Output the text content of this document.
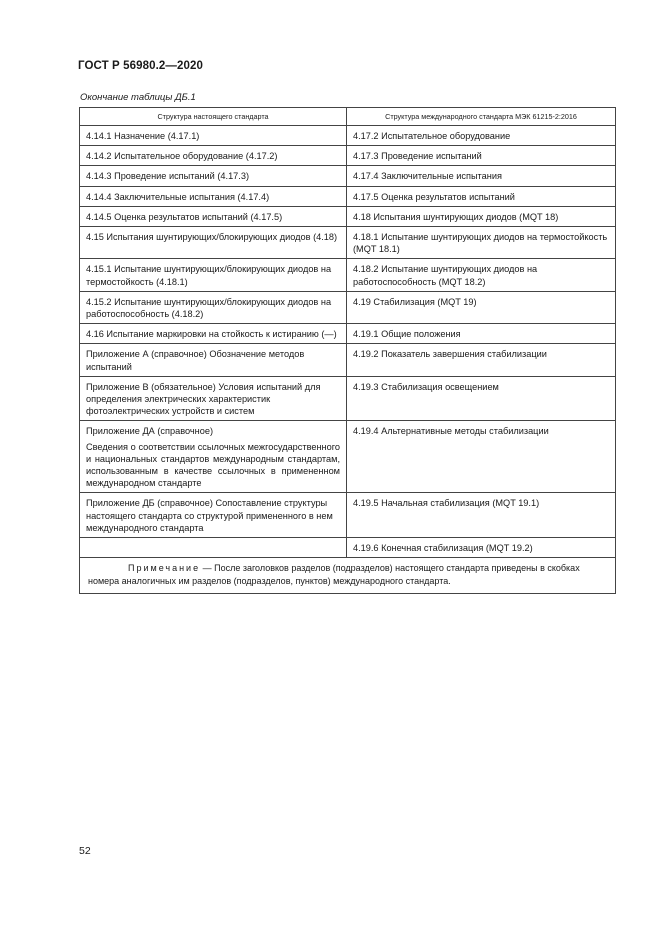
ГОСТ Р 56980.2—2020
Окончание таблицы ДБ.1
Структура настоящего стандарта	Структура международного стандарта МЭК 61215-2:2016
4.14.1 Назначение (4.17.1)	4.17.2 Испытательное оборудование
4.14.2 Испытательное оборудование (4.17.2)	4.17.3 Проведение испытаний
4.14.3 Проведение испытаний (4.17.3)	4.17.4 Заключительные испытания
4.14.4 Заключительные испытания (4.17.4)	4.17.5 Оценка результатов испытаний
4.14.5 Оценка результатов испытаний (4.17.5)	4.18 Испытания шунтирующих диодов (MQT 18)
4.15 Испытания шунтирующих/блокирующих диодов (4.18)	4.18.1 Испытание шунтирующих диодов на термостойкость (MQT 18.1)
4.15.1 Испытание шунтирующих/блокирующих диодов на термостойкость (4.18.1)	4.18.2 Испытание шунтирующих диодов на работоспособность (MQT 18.2)
4.15.2 Испытание шунтирующих/блокирующих диодов на работоспособность (4.18.2)	4.19 Стабилизация (MQT 19)
4.16 Испытание маркировки на стойкость к истиранию (—)	4.19.1 Общие положения
Приложение А (справочное) Обозначение методов испытаний	4.19.2 Показатель завершения стабилизации
Приложение В (обязательное) Условия испытаний для определения электрических характеристик фотоэлектрических устройств и систем	4.19.3 Стабилизация освещением
Приложение ДА (справочное)
Сведения о соответствии ссылочных межгосударственного и национальных стандартов международным стандартам, использованным в качестве ссылочных в примененном международном стандарте	4.19.4 Альтернативные методы стабилизации
Приложение ДБ (справочное) Сопоставление структуры настоящего стандарта со структурой примененного в нем международного стандарта	4.19.5 Начальная стабилизация (MQT 19.1)
	4.19.6 Конечная стабилизация (MQT 19.2)
Примечание — После заголовков разделов (подразделов) настоящего стандарта приведены в скобках номера аналогичных им разделов (подразделов, пунктов) международного стандарта.	
52
